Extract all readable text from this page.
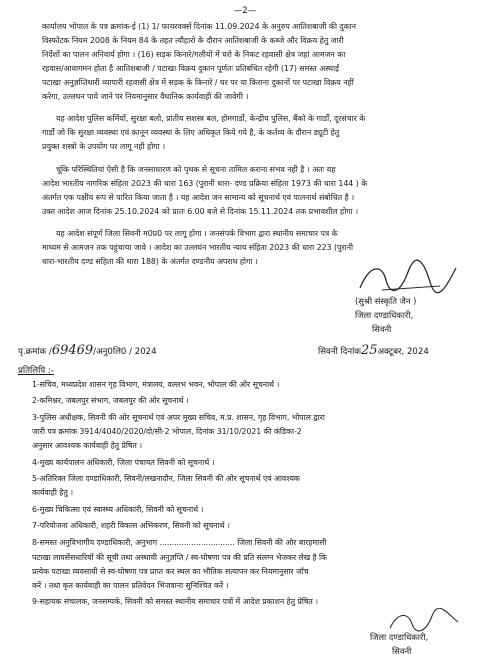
—2—
कार्यालय भोपाल के पत्र क्रमांक-ई (1) 1/ फायरवर्क्स दिनांक 11.09.2024 के अनुरुप आतिशबाजी की दुकान
विस्फोटक नियम 2008 के नियम 84 के तहत त्यौहारो के दौरान आतिशबाजी के कब्जे और विक्रय हेतु जारी
निर्देशों का पालन अनिवार्य होगा । (16) सड़क किनारे/गलीयों में घरो के निकट रहवासी क्षेत्र जहां आमजन का
रहवास/आवागमन होता है आतिशबाजी / पटाखा विक्रय दुकान पूर्णतः प्रतिबंधित रहेगी (17) समस्त अस्थाई
पटाखा अनुज्ञप्तिधारी व्यापारी रहवासी क्षेत्र में सड़क के किनारे / घर पर या किराना दुकानों पर पटाखा विक्रय नहीं
करेगा, उल्लघन पाये जाने पर नियमानुसार वैधानिक कार्यवाही की जावेगी ।
यह आदेश पुलिस कर्मियों, सुरक्षा बलो, प्रांतीय सशस्त्र बल, होमगार्डो, केन्द्रीय पुलिस, बैंको के गार्डों, दूरसंचार के
गार्डो जो कि सुरक्षा व्यवस्था एवं कानून व्यवस्था के लिए अधिकृत किये गये है, के कर्तव्य के दौरान ड्यूटी हेतु
प्रयुक्त शस्त्रो के उपयोग पर लागू नही होगा ।
चूंकि परिस्थितियां ऐसी है कि जनसाधारण को पृथक से सूचना तामिल कराना संभव नही है । अतः यह
आदेश भारतीय नागरिक संहिता 2023 की धारा 163 (पुरानी धारा- दण्ड प्रक्रिया संहिता 1973 की धारा 144 ) के
अंतर्गत एक पक्षीय रूप से पारित किया जाता है । यह आदेश जन सामान्य को सूचनार्थ एवं पालनार्थ संबोधित है ।
उक्त आदेश आज दिनांक 25.10.2024 को प्रातः 6.00 बजे से दिनांक 15.11.2024 तक प्रभावशील होगा ।
यह आदेश संपूर्ण जिला सिवनी म0प्र0 पर लागू होगा । जनसंपर्क विभाग द्वारा स्थानीय समाचार पत्र के
माध्यम से आमजन तक पहुंचाया जावे । आदेश का उल्लघंन भारतीय न्याय संहिता 2023 की धारा 223 (पुरानी
धारा-भारतीय दण्ड संहिता की धारा 188) के अंतर्गत दण्डनीय अपराध होगा ।
(सुश्री संस्कृति जैन )
जिला दण्डाधिकारी,
सिवनी
पृ.क्रमांक /69469/अनु0लि0 / 2024	सिवनी दिनांक25अक्टूबर, 2024
प्रतिलिपि :-
1-सचिव, मध्यप्रदेश शासन गृह विभाग, मंत्रालय, वल्लभ भवन, भोपाल की ओर सूचनार्थ ।
2-कमिश्नर, जबलपुर संभाग, जबलपुर की ओर सूचनार्थ ।
3-पुलिस अधीक्षक, सिवनी की ओर सूचनार्थ एवं अपर मुख्य सचिव, म.प्र. शासन, गृह विभाग, भोपाल द्वारा
जारी पत्र क्रमांक 3914/4040/2020/दो/सी-2 भोपाल, दिनांक 31/10/2021 की कंडिका-2
अनुसार आवश्यक कार्यवाही हेतु प्रेषित ।
4-मुख्य कार्यपालन अधिकारी, जिला पंचायत सिवनी को सूचनार्थ ।
5-अतिरिक्त जिला दण्डाधिकारी, सिवनी/लखनादौन, जिला सिवनी की ओर सूचनार्थ एवं आवश्यक
कार्यवाही हेतु ।
6-मुख्य चिकित्सा एवं स्वास्थ्य अधिकारी, सिवनी को सूचनार्थ ।
7-परियोजना अधिकारी, शहरी विकास अभिकरण, सिवनी को सूचनार्थ ।
8-समस्त अनुविभागीय दण्डाधिकारी, अनुभाग ............................... जिला सिवनी की ओर बारहमासी
पटाखा लायसेंसधारियों की सूची तथा अस्थायी अनुज्ञप्ति / स्व-घोषणा पत्र की प्रति संलग्न भेजकर लेख है कि
प्रत्येक पटाखा व्यवसायी से स्व-घोषणा पत्र प्राप्त कर स्थल का भौतिक सत्यापन कर नियमानुसार जॉच
करें । तथा कृत कार्यवाही का पालन प्रतिवेदन भिजवाना सुनिश्चित करें ।
9-सहायक संचालक, जनसम्पर्क, सिवनी को समस्त स्थानीय समाचार पत्रों में आदेश प्रकाशन हेतु प्रेषित ।
जिला दण्डाधिकारी,
सिवनी
